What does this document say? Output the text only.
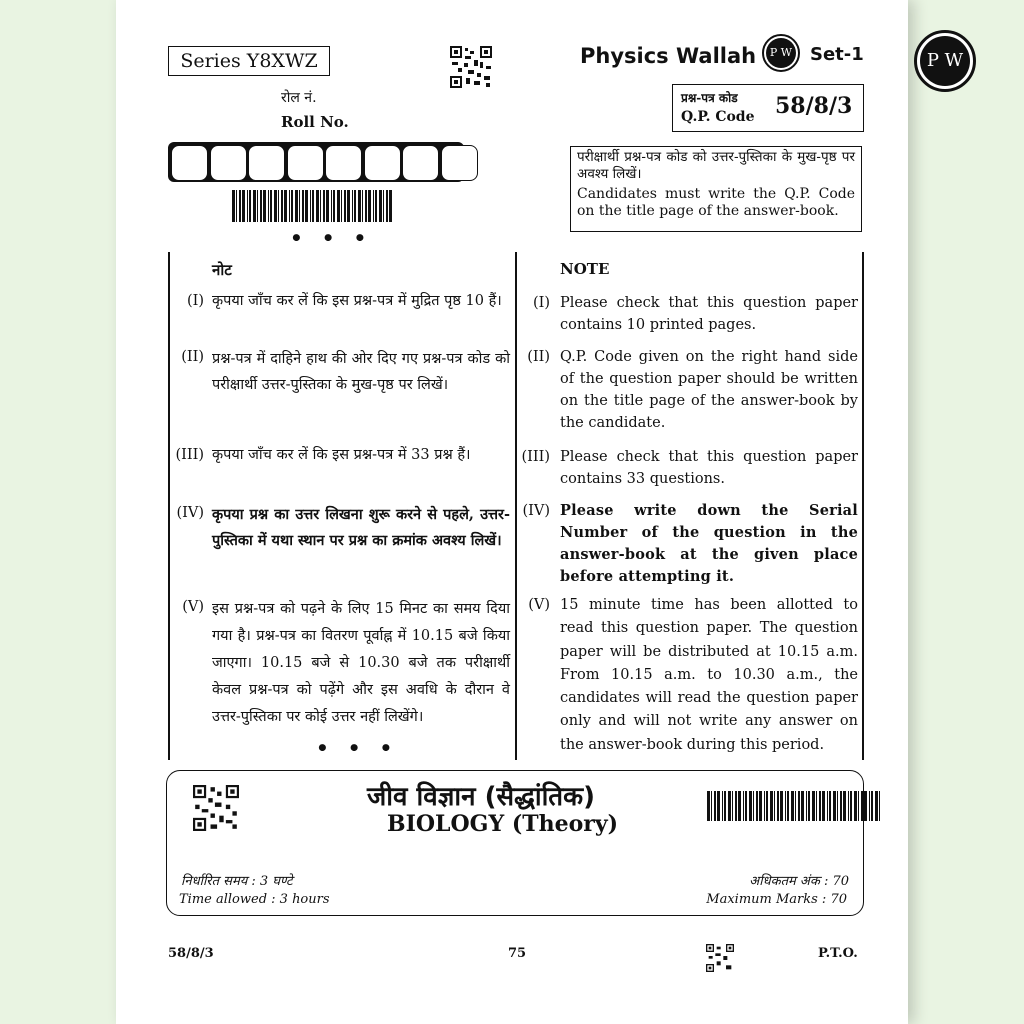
Series Y8XWZ
रोल नं.
Roll No.
• • •
Physics Wallah	P W Set-1
प्रश्न-पत्र कोड
Q.P. Code 58/8/3
परीक्षार्थी प्रश्न-पत्र कोड को उत्तर-पुस्तिका के मुख-पृष्ठ पर अवश्य लिखें।
Candidates must write the Q.P. Code on the title page of the answer-book.
नोट	NOTE
(I) कृपया जाँच कर लें कि इस प्रश्न-पत्र में मुद्रित पृष्ठ 10 हैं।
(II) प्रश्न-पत्र में दाहिने हाथ की ओर दिए गए प्रश्न-पत्र कोड को परीक्षार्थी उत्तर-पुस्तिका के मुख-पृष्ठ पर लिखें।
(III) कृपया जाँच कर लें कि इस प्रश्न-पत्र में 33 प्रश्न हैं।
(IV) कृपया प्रश्न का उत्तर लिखना शुरू करने से पहले, उत्तर-पुस्तिका में यथा स्थान पर प्रश्न का क्रमांक अवश्य लिखें।
(V) इस प्रश्न-पत्र को पढ़ने के लिए 15 मिनट का समय दिया गया है। प्रश्न-पत्र का वितरण पूर्वाह्न में 10.15 बजे किया जाएगा। 10.15 बजे से 10.30 बजे तक परीक्षार्थी केवल प्रश्न-पत्र को पढ़ेंगे और इस अवधि के दौरान वे उत्तर-पुस्तिका पर कोई उत्तर नहीं लिखेंगे।
• • •
(I) Please check that this question paper contains 10 printed pages.
(II) Q.P. Code given on the right hand side of the question paper should be written on the title page of the answer-book by the candidate.
(III) Please check that this question paper contains 33 questions.
(IV) Please write down the Serial Number of the question in the answer-book at the given place before attempting it.
(V) 15 minute time has been allotted to read this question paper. The question paper will be distributed at 10.15 a.m. From 10.15 a.m. to 10.30 a.m., the candidates will read the question paper only and will not write any answer on the answer-book during this period.
जीव विज्ञान (सैद्धांतिक)
BIOLOGY (Theory)
निर्धारित समय : 3 घण्टे
Time allowed : 3 hours
अधिकतम अंक : 70
Maximum Marks : 70
58/8/3	75	P.T.O.
P W
